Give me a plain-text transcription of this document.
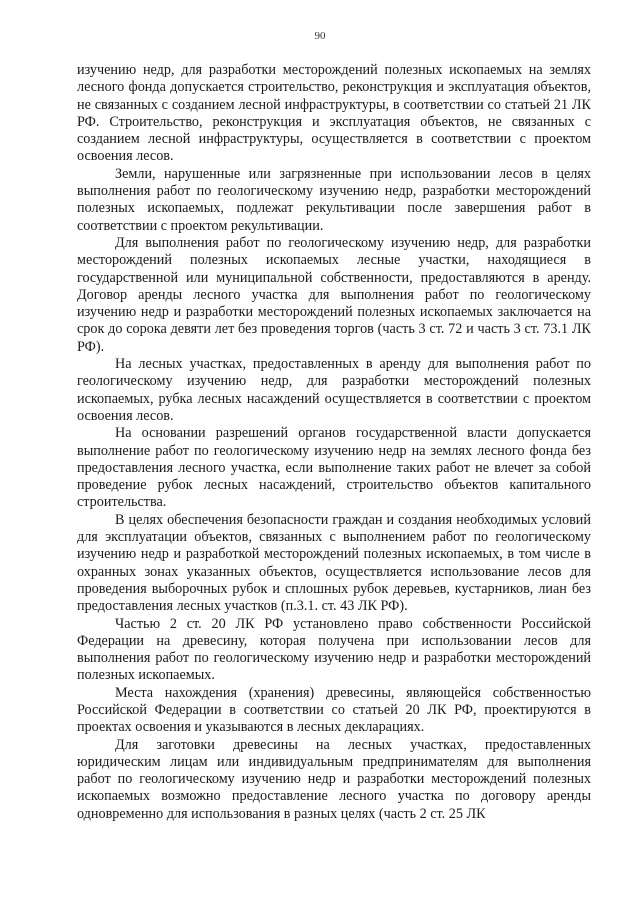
90

изучению недр, для разработки месторождений полезных ископаемых на землях лесного фонда допускается строительство, реконструкция и эксплуатация объектов, не связанных с созданием лесной инфраструктуры, в соответствии со статьей 21 ЛК РФ. Строительство, реконструкция и эксплуатация объектов, не связанных с созданием лесной инфраструктуры, осуществляется в соответствии с проектом освоения лесов.

Земли, нарушенные или загрязненные при использовании лесов в целях выполнения работ по геологическому изучению недр, разработки месторождений полезных ископаемых, подлежат рекультивации после завершения работ в соответствии с проектом рекультивации.

Для выполнения работ по геологическому изучению недр, для разработки месторождений полезных ископаемых лесные участки, находящиеся в государственной или муниципальной собственности, предоставляются в аренду. Договор аренды лесного участка для выполнения работ по геологическому изучению недр и разработки месторождений полезных ископаемых заключается на срок до сорока девяти лет без проведения торгов (часть 3 ст. 72 и часть 3 ст. 73.1 ЛК РФ).

На лесных участках, предоставленных в аренду для выполнения работ по геологическому изучению недр, для разработки месторождений полезных ископаемых, рубка лесных насаждений осуществляется в соответствии с проектом освоения лесов.

На основании разрешений органов государственной власти допускается выполнение работ по геологическому изучению недр на землях лесного фонда без предоставления лесного участка, если выполнение таких работ не влечет за собой проведение рубок лесных насаждений, строительство объектов капитального строительства.

В целях обеспечения безопасности граждан и создания необходимых условий для эксплуатации объектов, связанных с выполнением работ по геологическому изучению недр и разработкой месторождений полезных ископаемых, в том числе в охранных зонах указанных объектов, осуществляется использование лесов для проведения выборочных рубок и сплошных рубок деревьев, кустарников, лиан без предоставления лесных участков (п.3.1. ст. 43 ЛК РФ).

Частью 2 ст. 20 ЛК РФ установлено право собственности Российской Федерации на древесину, которая получена при использовании лесов для выполнения работ по геологическому изучению недр и разработки месторождений полезных ископаемых.

Места нахождения (хранения) древесины, являющейся собственностью Российской Федерации в соответствии со статьей 20 ЛК РФ, проектируются в проектах освоения и указываются в лесных декларациях.

Для заготовки древесины на лесных участках, предоставленных юридическим лицам или индивидуальным предпринимателям для выполнения работ по геологическому изучению недр и разработки месторождений полезных ископаемых возможно предоставление лесного участка по договору аренды одновременно для использования в разных целях (часть 2 ст. 25 ЛК
